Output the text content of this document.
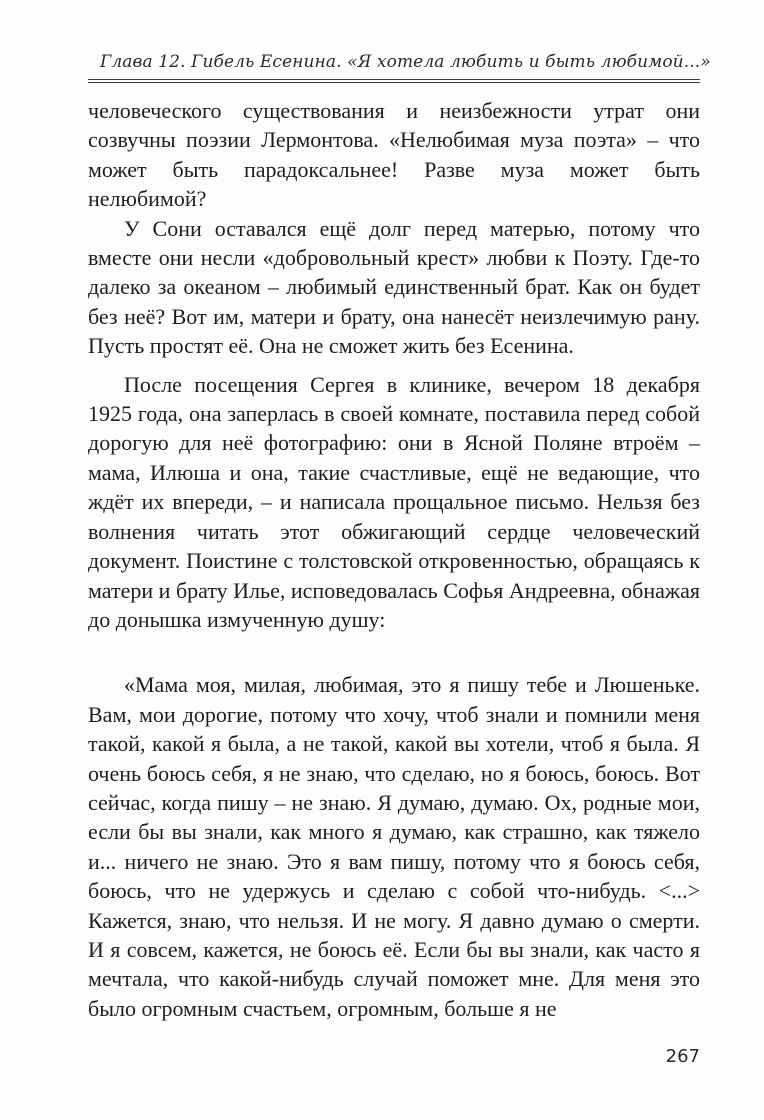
Глава 12. Гибель Есенина. «Я хотела любить и быть любимой...»

человеческого существования и неизбежности утрат они созвучны поэзии Лермонтова. «Нелюбимая муза поэта» – что может быть парадоксальнее! Разве муза может быть нелюбимой?

У Сони оставался ещё долг перед матерью, потому что вместе они несли «добровольный крест» любви к Поэту. Где-то далеко за океаном – любимый единственный брат. Как он будет без неё? Вот им, матери и брату, она нанесёт неизлечимую рану. Пусть простят её. Она не сможет жить без Есенина.

После посещения Сергея в клинике, вечером 18 декабря 1925 года, она заперлась в своей комнате, поставила перед собой дорогую для неё фотографию: они в Ясной Поляне втроём – мама, Илюша и она, такие счастливые, ещё не ведающие, что ждёт их впереди, – и написала прощальное письмо. Нельзя без волнения читать этот обжигающий сердце человеческий документ. Поистине с толстовской откровенностью, обращаясь к матери и брату Илье, исповедовалась Софья Андреевна, обнажая до донышка измученную душу:

«Мама моя, милая, любимая, это я пишу тебе и Люшеньке. Вам, мои дорогие, потому что хочу, чтоб знали и помнили меня такой, какой я была, а не такой, какой вы хотели, чтоб я была. Я очень боюсь себя, я не знаю, что сделаю, но я боюсь, боюсь. Вот сейчас, когда пишу – не знаю. Я думаю, думаю. Ох, родные мои, если бы вы знали, как много я думаю, как страшно, как тяжело и... ничего не знаю. Это я вам пишу, потому что я боюсь себя, боюсь, что не удержусь и сделаю с собой что-нибудь. <...> Кажется, знаю, что нельзя. И не могу. Я давно думаю о смерти. И я совсем, кажется, не боюсь её. Если бы вы знали, как часто я мечтала, что какой-нибудь случай поможет мне. Для меня это было огромным счастьем, огромным, больше я не

267
